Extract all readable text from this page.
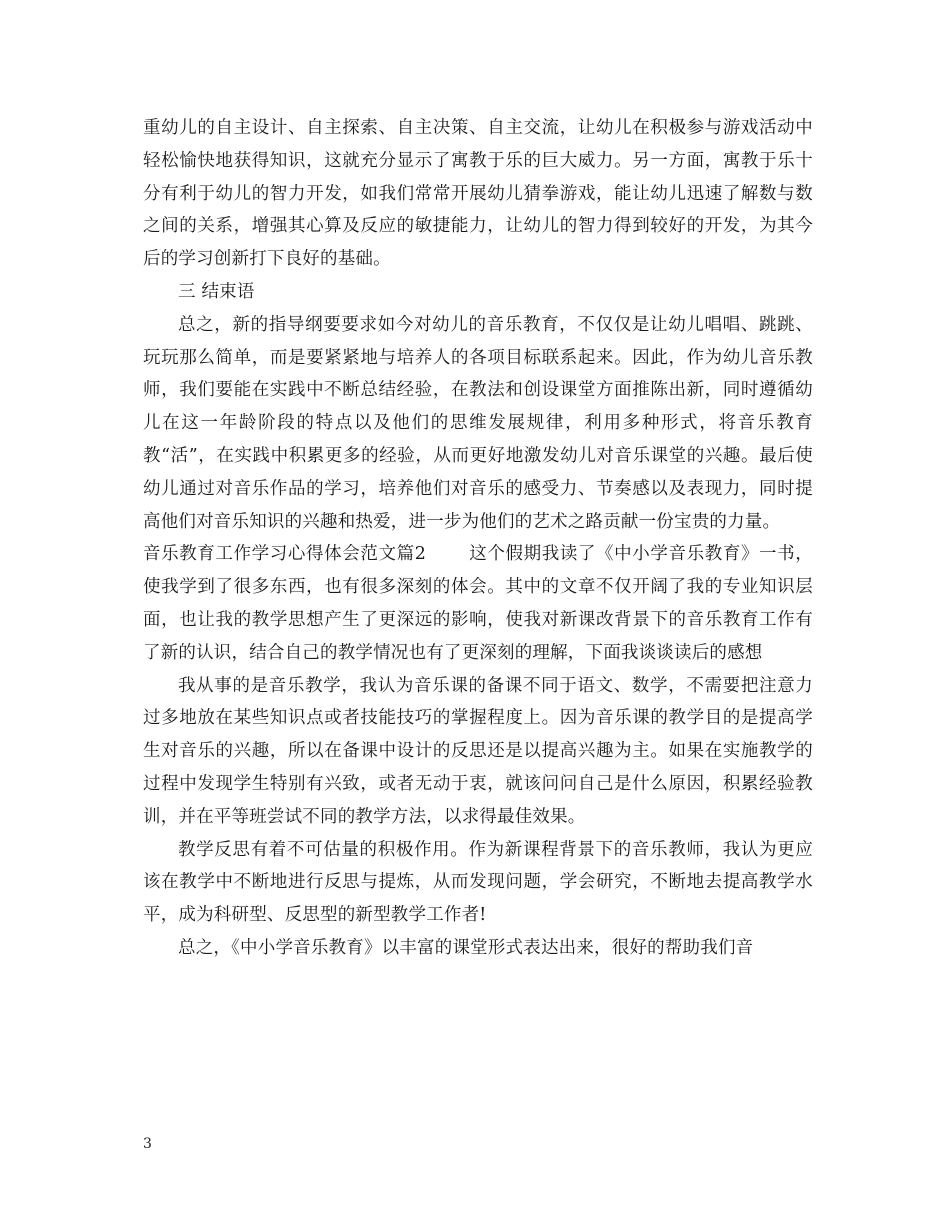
重幼儿的自主设计、自主探索、自主决策、自主交流，让幼儿在积极参与游戏活动中轻松愉快地获得知识，这就充分显示了寓教于乐的巨大威力。另一方面，寓教于乐十分有利于幼儿的智力开发，如我们常常开展幼儿猜拳游戏，能让幼儿迅速了解数与数之间的关系，增强其心算及反应的敏捷能力，让幼儿的智力得到较好的开发，为其今后的学习创新打下良好的基础。

三 结束语

总之，新的指导纲要要求如今对幼儿的音乐教育，不仅仅是让幼儿唱唱、跳跳、玩玩那么简单，而是要紧紧地与培养人的各项目标联系起来。因此，作为幼儿音乐教师，我们要能在实践中不断总结经验，在教法和创设课堂方面推陈出新，同时遵循幼儿在这一年龄阶段的特点以及他们的思维发展规律，利用多种形式，将音乐教育教“活”，在实践中积累更多的经验，从而更好地激发幼儿对音乐课堂的兴趣。最后使幼儿通过对音乐作品的学习，培养他们对音乐的感受力、节奏感以及表现力，同时提高他们对音乐知识的兴趣和热爱，进一步为他们的艺术之路贡献一份宝贵的力量。

音乐教育工作学习心得体会范文篇2       这个假期我读了《中小学音乐教育》一书，使我学到了很多东西，也有很多深刻的体会。其中的文章不仅开阔了我的专业知识层面，也让我的教学思想产生了更深远的影响，使我对新课改背景下的音乐教育工作有了新的认识，结合自己的教学情况也有了更深刻的理解，下面我谈谈读后的感想

我从事的是音乐教学，我认为音乐课的备课不同于语文、数学，不需要把注意力过多地放在某些知识点或者技能技巧的掌握程度上。因为音乐课的教学目的是提高学生对音乐的兴趣，所以在备课中设计的反思还是以提高兴趣为主。如果在实施教学的过程中发现学生特别有兴致，或者无动于衷，就该问问自己是什么原因，积累经验教训，并在平等班尝试不同的教学方法，以求得最佳效果。

教学反思有着不可估量的积极作用。作为新课程背景下的音乐教师，我认为更应该在教学中不断地进行反思与提炼，从而发现问题，学会研究，不断地去提高教学水平，成为科研型、反思型的新型教学工作者!

总之，《中小学音乐教育》以丰富的课堂形式表达出来，很好的帮助我们音

3
